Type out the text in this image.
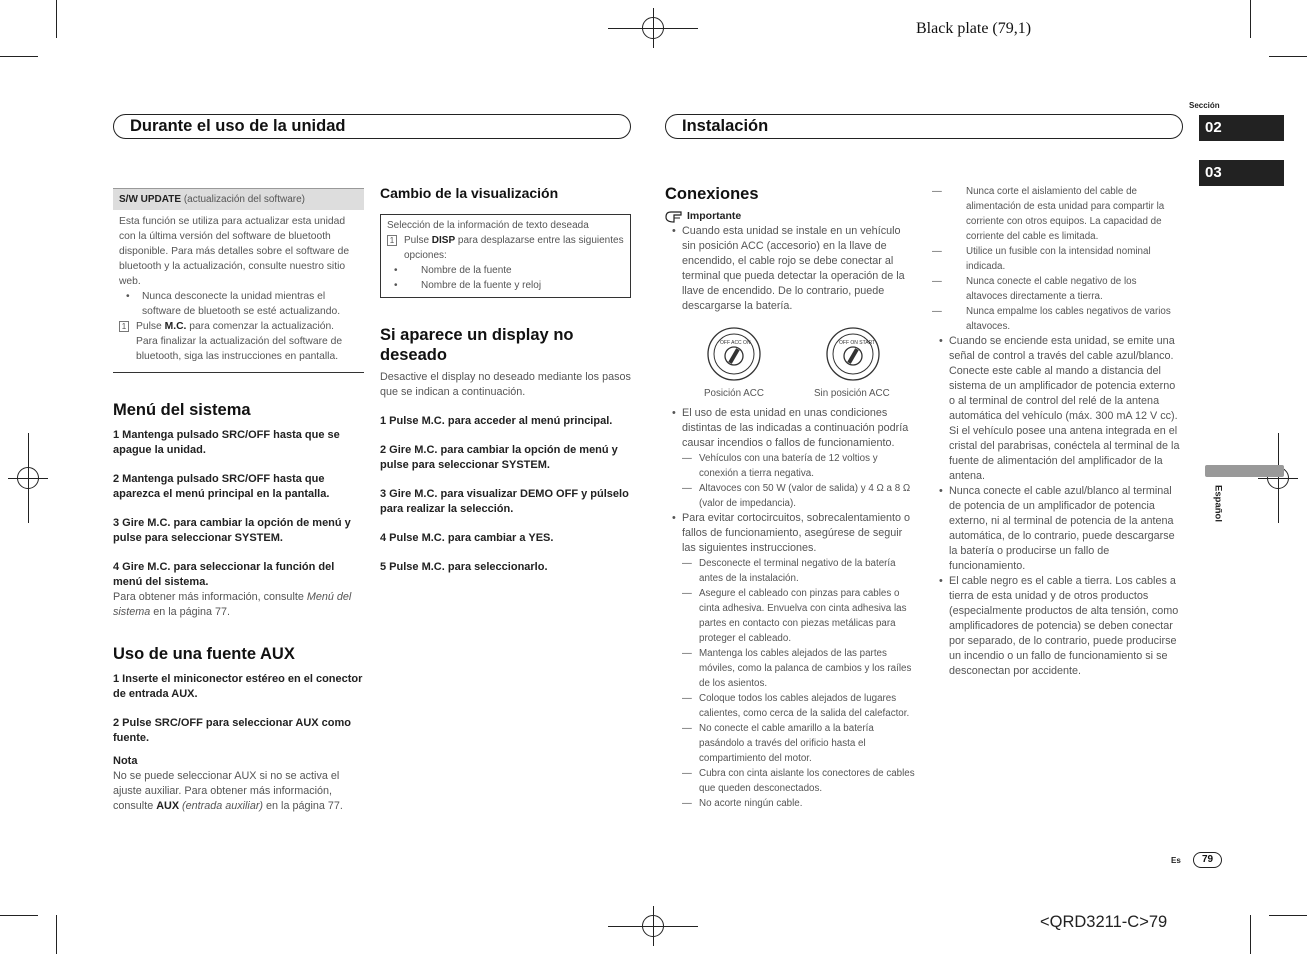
Black plate (79,1)
Sección
02
03
Español
Durante el uso de la unidad	Instalación
S/W UPDATE (actualización del software)

Esta función se utiliza para actualizar esta unidad con la última versión del software de bluetooth disponible. Para más detalles sobre el software de bluetooth y la actualización, consulte nuestro sitio web.

• Nunca desconecte la unidad mientras el software de bluetooth se esté actualizando.

1 Pulse M.C. para comenzar la actualización. Para finalizar la actualización del software de bluetooth, siga las instrucciones en pantalla.

Menú del sistema

1 Mantenga pulsado SRC/OFF hasta que se apague la unidad.

2 Mantenga pulsado SRC/OFF hasta que aparezca el menú principal en la pantalla.

3 Gire M.C. para cambiar la opción de menú y pulse para seleccionar SYSTEM.

4 Gire M.C. para seleccionar la función del menú del sistema.

Para obtener más información, consulte Menú del sistema en la página 77.

Uso de una fuente AUX

1 Inserte el miniconector estéreo en el conector de entrada AUX.

2 Pulse SRC/OFF para seleccionar AUX como fuente.

Nota

No se puede seleccionar AUX si no se activa el ajuste auxiliar. Para obtener más información, consulte AUX (entrada auxiliar) en la página 77.

Cambio de la visualización

Selección de la información de texto deseada

1 Pulse DISP para desplazarse entre las siguientes opciones:

• Nombre de la fuente

• Nombre de la fuente y reloj

Si aparece un display no deseado

Desactive el display no deseado mediante los pasos que se indican a continuación.

1 Pulse M.C. para acceder al menú principal.

2 Gire M.C. para cambiar la opción de menú y pulse para seleccionar SYSTEM.

3 Gire M.C. para visualizar DEMO OFF y púlselo para realizar la selección.

4 Pulse M.C. para cambiar a YES.

5 Pulse M.C. para seleccionarlo.

Conexiones

Importante

• Cuando esta unidad se instale en un vehículo sin posición ACC (accesorio) en la llave de encendido, el cable rojo se debe conectar al terminal que pueda detectar la operación de la llave de encendido. De lo contrario, puede descargarse la batería.

OFF ACC ON	OFF ON START
Posición ACC	Sin posición ACC

• El uso de esta unidad en unas condiciones distintas de las indicadas a continuación podría causar incendios o fallos de funcionamiento.

— Vehículos con una batería de 12 voltios y conexión a tierra negativa.

— Altavoces con 50 W (valor de salida) y 4 Ω a 8 Ω (valor de impedancia).

• Para evitar cortocircuitos, sobrecalentamiento o fallos de funcionamiento, asegúrese de seguir las siguientes instrucciones.

— Desconecte el terminal negativo de la batería antes de la instalación.

— Asegure el cableado con pinzas para cables o cinta adhesiva. Envuelva con cinta adhesiva las partes en contacto con piezas metálicas para proteger el cableado.

— Mantenga los cables alejados de las partes móviles, como la palanca de cambios y los raíles de los asientos.

— Coloque todos los cables alejados de lugares calientes, como cerca de la salida del calefactor.

— No conecte el cable amarillo a la batería pasándolo a través del orificio hasta el compartimiento del motor.

— Cubra con cinta aislante los conectores de cables que queden desconectados.

— No acorte ningún cable.

— Nunca corte el aislamiento del cable de alimentación de esta unidad para compartir la corriente con otros equipos. La capacidad de corriente del cable es limitada.

— Utilice un fusible con la intensidad nominal indicada.

— Nunca conecte el cable negativo de los altavoces directamente a tierra.

— Nunca empalme los cables negativos de varios altavoces.

• Cuando se enciende esta unidad, se emite una señal de control a través del cable azul/blanco. Conecte este cable al mando a distancia del sistema de un amplificador de potencia externo o al terminal de control del relé de la antena automática del vehículo (máx. 300 mA 12 V cc). Si el vehículo posee una antena integrada en el cristal del parabrisas, conéctela al terminal de la fuente de alimentación del amplificador de la antena.

• Nunca conecte el cable azul/blanco al terminal de potencia de un amplificador de potencia externo, ni al terminal de potencia de la antena automática, de lo contrario, puede descargarse la batería o producirse un fallo de funcionamiento.

• El cable negro es el cable a tierra. Los cables a tierra de esta unidad y de otros productos (especialmente productos de alta tensión, como amplificadores de potencia) se deben conectar por separado, de lo contrario, puede producirse un incendio o un fallo de funcionamiento si se desconectan por accidente.

Es	79
<QRD3211-C>79
